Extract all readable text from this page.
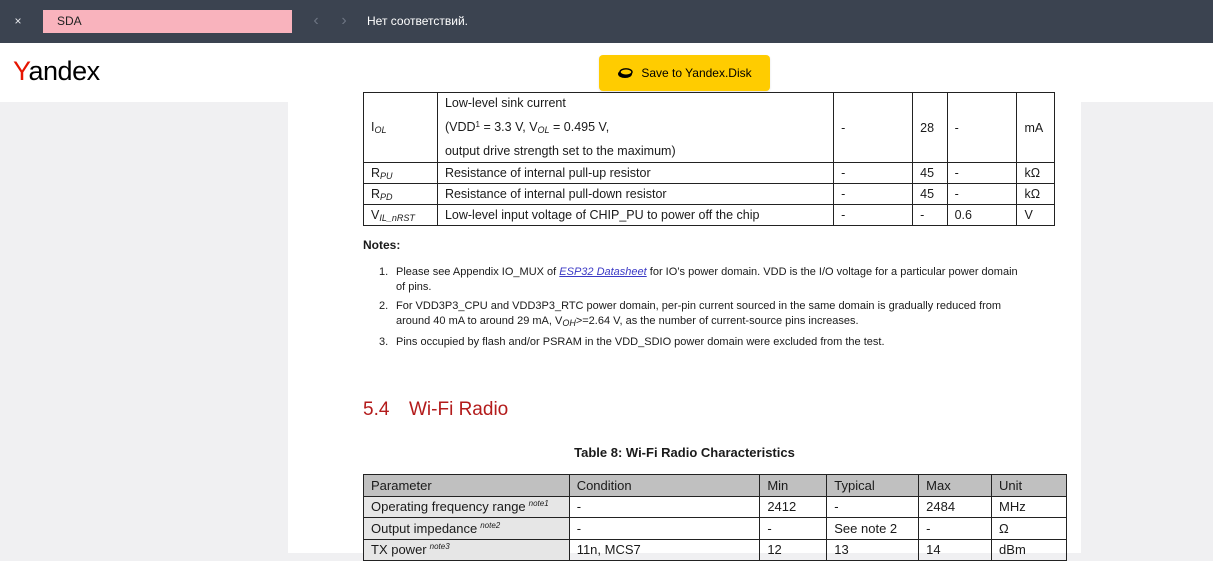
×
SDA	‹	›	Нет соответствий.
Yandex	Save to Yandex.Disk
$I_{OL}$	Low-level sink current
($VDD^1 = 3.3$ V, $V_{OL} = 0.495$ V,
output drive strength set to the maximum)	-	28	-	mA
$R_{PU}$	Resistance of internal pull-up resistor	-	45	-	kΩ
$R_{PD}$	Resistance of internal pull-down resistor	-	45	-	kΩ
$V_{IL\_nRST}$	Low-level input voltage of CHIP_PU to power off the chip	-	-	0.6	V
Notes:
1. Please see Appendix IO_MUX of ESP32 Datasheet for IO’s power domain. VDD is the I/O voltage for a particular power domain of pins.
2. For VDD3P3_CPU and VDD3P3_RTC power domain, per-pin current sourced in the same domain is gradually reduced from around 40 mA to around 29 mA, $V_{OH}>=2.64$ V, as the number of current-source pins increases.
3. Pins occupied by flash and/or PSRAM in the VDD_SDIO power domain were excluded from the test.
5.4 Wi-Fi Radio
Table 8: Wi-Fi Radio Characteristics
Parameter	Condition	Min	Typical	Max	Unit
Operating frequency range $^{note1}$	-	2412	-	2484	MHz
Output impedance $^{note2}$	-	-	See note 2	-	Ω
TX power $^{note3}$	11n, MCS7	12	13	14	dBm
